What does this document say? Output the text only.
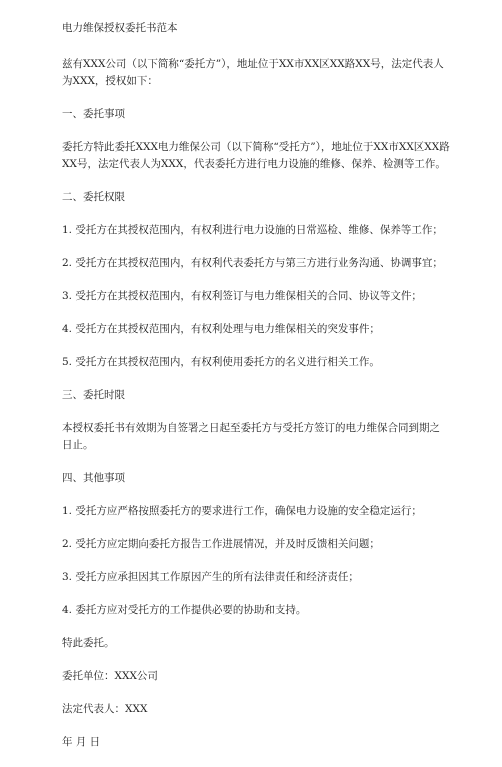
电力维保授权委托书范本

兹有XXX公司（以下简称“委托方”），地址位于XX市XX区XX路XX号，法定代表人为XXX，授权如下：

一、委托事项

委托方特此委托XXX电力维保公司（以下简称“受托方”），地址位于XX市XX区XX路XX号，法定代表人为XXX，代表委托方进行电力设施的维修、保养、检测等工作。

二、委托权限

1. 受托方在其授权范围内，有权利进行电力设施的日常巡检、维修、保养等工作；

2. 受托方在其授权范围内，有权利代表委托方与第三方进行业务沟通、协调事宜；

3. 受托方在其授权范围内，有权利签订与电力维保相关的合同、协议等文件；

4. 受托方在其授权范围内，有权利处理与电力维保相关的突发事件；

5. 受托方在其授权范围内，有权利使用委托方的名义进行相关工作。

三、委托时限

本授权委托书有效期为自签署之日起至委托方与受托方签订的电力维保合同到期之日止。

四、其他事项

1. 受托方应严格按照委托方的要求进行工作，确保电力设施的安全稳定运行；

2. 受托方应定期向委托方报告工作进展情况，并及时反馈相关问题；

3. 受托方应承担因其工作原因产生的所有法律责任和经济责任；

4. 委托方应对受托方的工作提供必要的协助和支持。

特此委托。

委托单位：XXX公司

法定代表人：XXX

年 月 日
